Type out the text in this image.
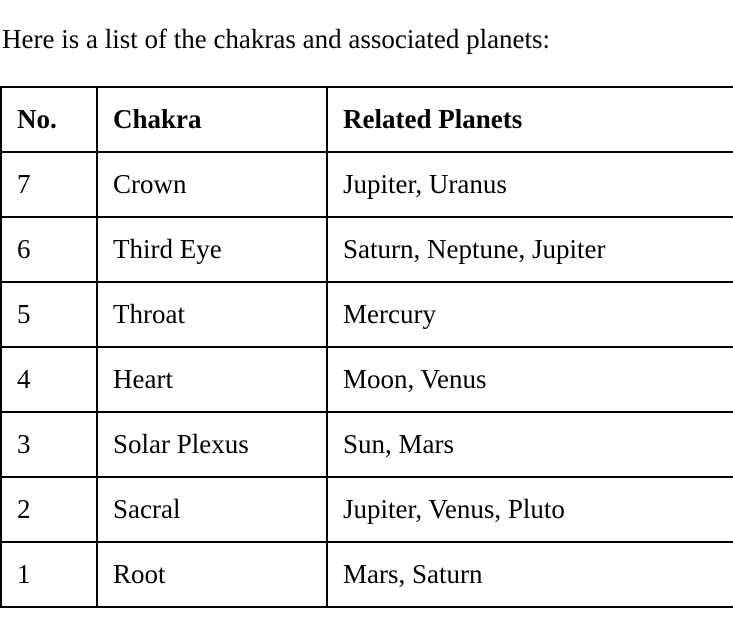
Here is a list of the chakras and associated planets:
No.	Chakra	Related Planets
7	Crown	Jupiter, Uranus
6	Third Eye	Saturn, Neptune, Jupiter
5	Throat	Mercury
4	Heart	Moon, Venus
3	Solar Plexus	Sun, Mars
2	Sacral	Jupiter, Venus, Pluto
1	Root	Mars, Saturn
